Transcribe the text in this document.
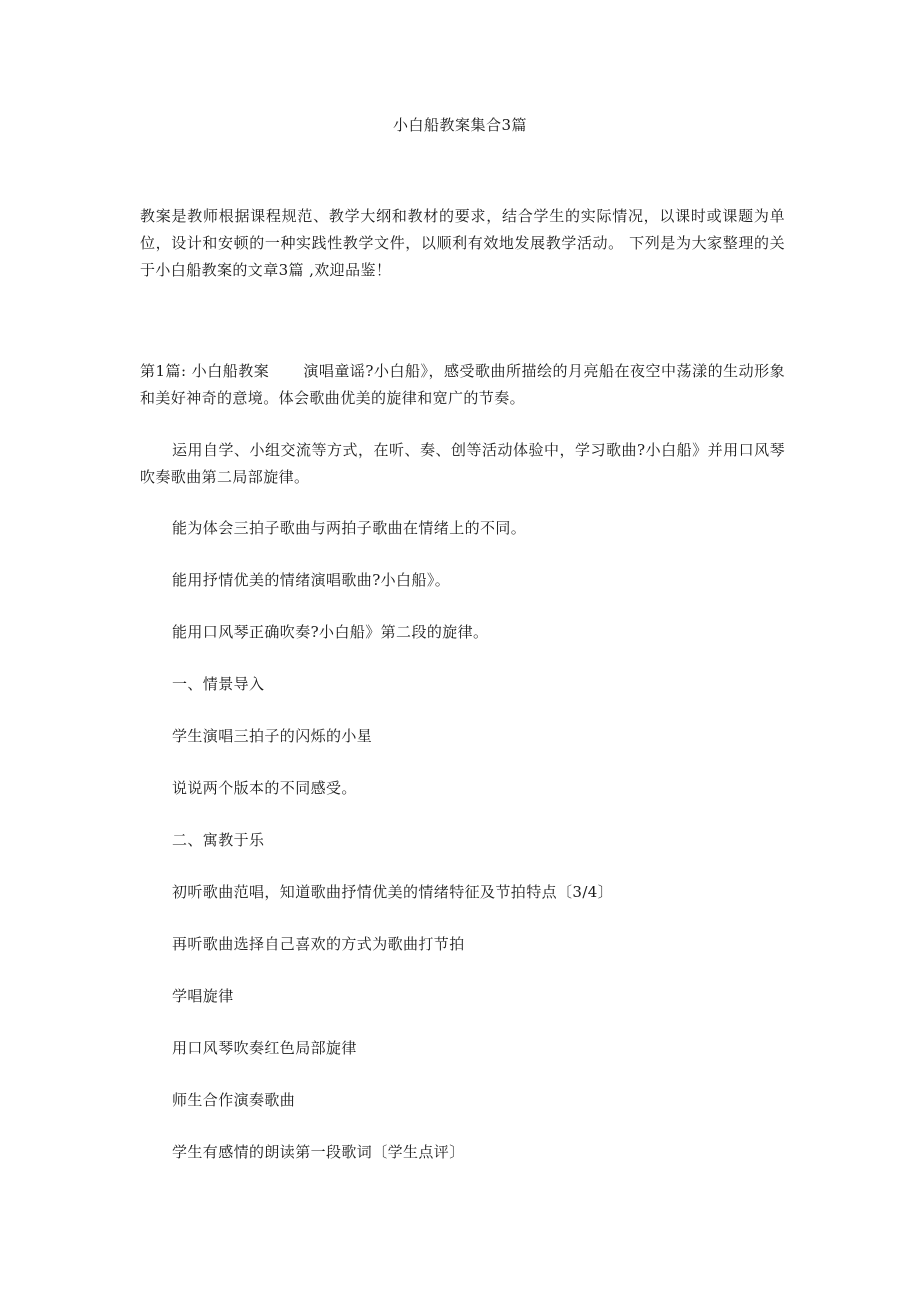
小白船教案集合3篇
教案是教师根据课程规范、教学大纲和教材的要求，结合学生的实际情况，以课时或课题为单位，设计和安顿的一种实践性教学文件，以顺利有效地发展教学活动。 下列是为大家整理的关于小白船教案的文章3篇 ,欢迎品鉴！
第1篇: 小白船教案 演唱童谣?小白船》，感受歌曲所描绘的月亮船在夜空中荡漾的生动形象和美好神奇的意境。体会歌曲优美的旋律和宽广的节奏。
运用自学、小组交流等方式，在听、奏、创等活动体验中，学习歌曲?小白船》并用口风琴吹奏歌曲第二局部旋律。
能为体会三拍子歌曲与两拍子歌曲在情绪上的不同。
能用抒情优美的情绪演唱歌曲?小白船》。
能用口风琴正确吹奏?小白船》第二段的旋律。
一、情景导入
学生演唱三拍子的闪烁的小星
说说两个版本的不同感受。
二、寓教于乐
初听歌曲范唱，知道歌曲抒情优美的情绪特征及节拍特点〔3/4〕
再听歌曲选择自己喜欢的方式为歌曲打节拍
学唱旋律
用口风琴吹奏红色局部旋律
师生合作演奏歌曲
学生有感情的朗读第一段歌词〔学生点评〕
